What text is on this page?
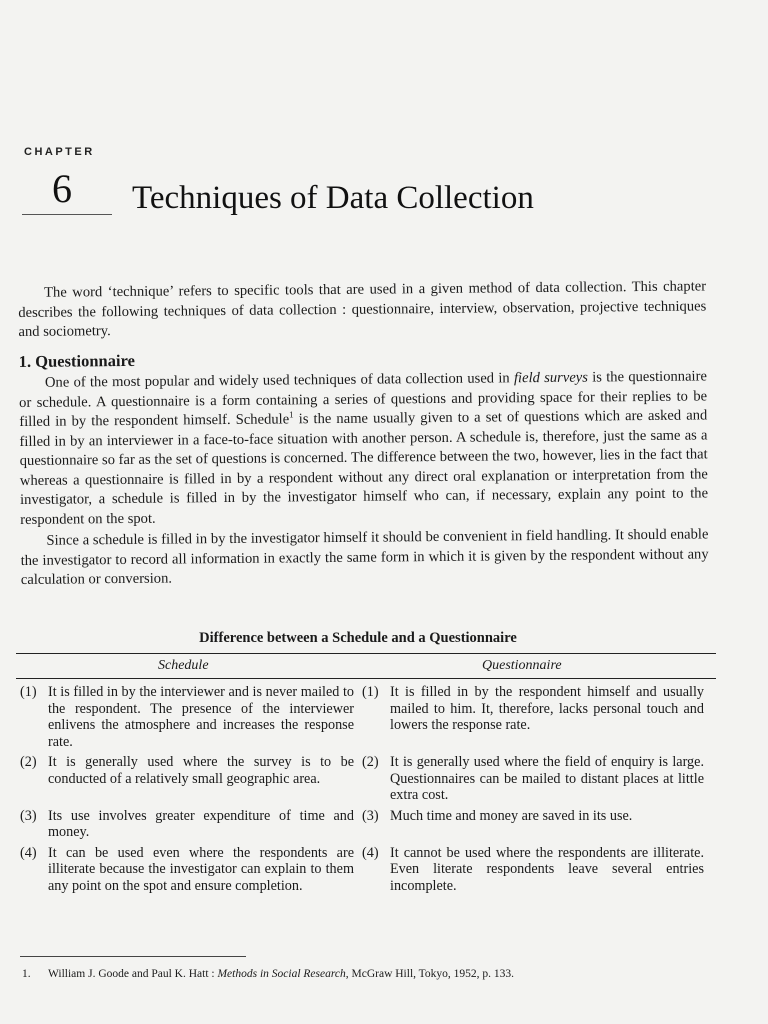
CHAPTER
6 Techniques of Data Collection

The word ‘technique’ refers to specific tools that are used in a given method of data collection. This chapter describes the following techniques of data collection : questionnaire, interview, observation, projective techniques and sociometry.

1. Questionnaire

One of the most popular and widely used techniques of data collection used in field surveys is the questionnaire or schedule. A questionnaire is a form containing a series of questions and providing space for their replies to be filled in by the respondent himself. Schedule$^1$ is the name usually given to a set of questions which are asked and filled in by an interviewer in a face-to-face situation with another person. A schedule is, therefore, just the same as a questionnaire so far as the set of questions is concerned. The difference between the two, however, lies in the fact that whereas a questionnaire is filled in by a respondent without any direct oral explanation or interpretation from the investigator, a schedule is filled in by the investigator himself who can, if necessary, explain any point to the respondent on the spot.

Since a schedule is filled in by the investigator himself it should be convenient in field handling. It should enable the investigator to record all information in exactly the same form in which it is given by the respondent without any calculation or conversion.

Difference between a Schedule and a Questionnaire
Schedule	Questionnaire
(1) It is filled in by the interviewer and is never mailed to the respondent. The presence of the interviewer enlivens the atmosphere and increases the response rate.
(1) It is filled in by the respondent himself and usually mailed to him. It, therefore, lacks personal touch and lowers the response rate.
(2) It is generally used where the survey is to be conducted of a relatively small geographic area.
(2) It is generally used where the field of enquiry is large. Questionnaires can be mailed to distant places at little extra cost.
(3) Its use involves greater expenditure of time and money.
(3) Much time and money are saved in its use.
(4) It can be used even where the respondents are illiterate because the investigator can explain to them any point on the spot and ensure completion.
(4) It cannot be used where the respondents are illiterate. Even literate respondents leave several entries incomplete.
1. William J. Goode and Paul K. Hatt : Methods in Social Research, McGraw Hill, Tokyo, 1952, p. 133.
